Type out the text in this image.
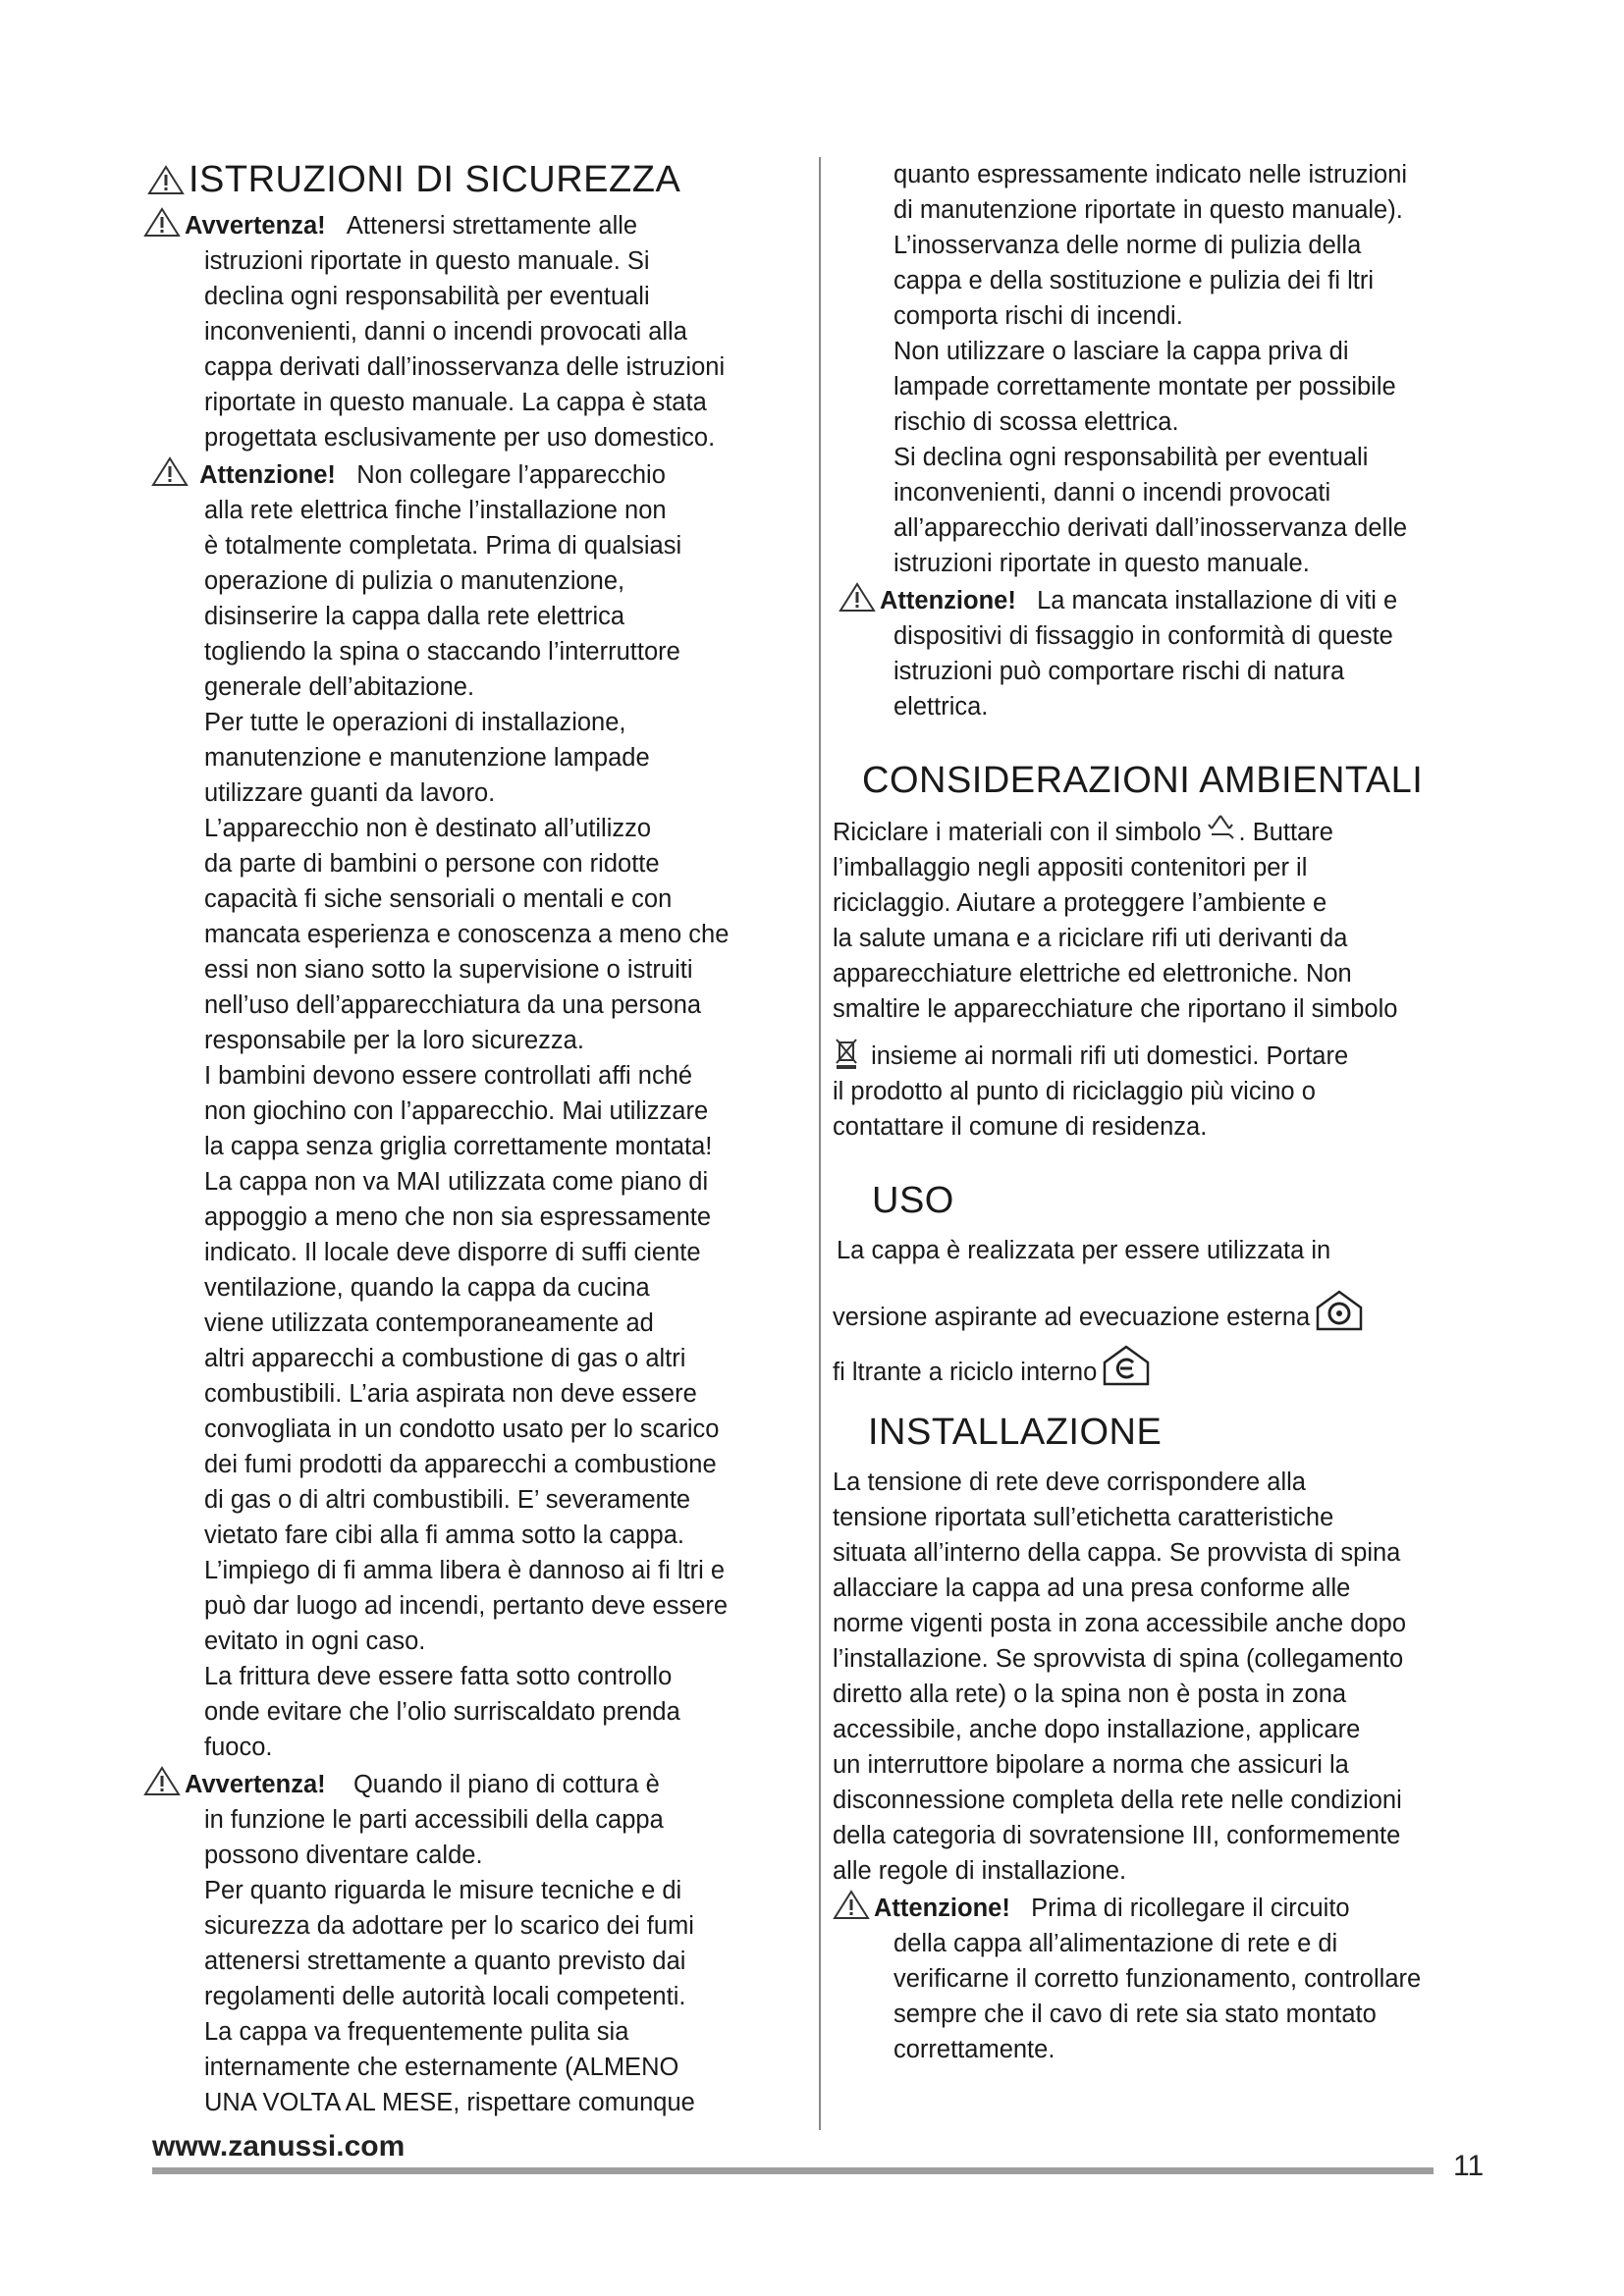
ISTRUZIONI DI SICUREZZA

Avvertenza! Attenersi strettamente alle

istruzioni riportate in questo manuale. Si

declina ogni responsabilità per eventuali

inconvenienti, danni o incendi provocati alla

cappa derivati dall’inosservanza delle istruzioni

riportate in questo manuale. La cappa è stata

progettata esclusivamente per uso domestico.

Attenzione! Non collegare l’apparecchio

alla rete elettrica finche l’installazione non

è totalmente completata. Prima di qualsiasi

operazione di pulizia o manutenzione,

disinserire la cappa dalla rete elettrica

togliendo la spina o staccando l’interruttore

generale dell’abitazione.

Per tutte le operazioni di installazione,

manutenzione e manutenzione lampade

utilizzare guanti da lavoro.

L’apparecchio non è destinato all’utilizzo

da parte di bambini o persone con ridotte

capacità fi siche sensoriali o mentali e con

mancata esperienza e conoscenza a meno che

essi non siano sotto la supervisione o istruiti

nell’uso dell’apparecchiatura da una persona

responsabile per la loro sicurezza.

I bambini devono essere controllati affi nché

non giochino con l’apparecchio. Mai utilizzare

la cappa senza griglia correttamente montata!

La cappa non va MAI utilizzata come piano di

appoggio a meno che non sia espressamente

indicato. Il locale deve disporre di suffi ciente

ventilazione, quando la cappa da cucina

viene utilizzata contemporaneamente ad

altri apparecchi a combustione di gas o altri

combustibili. L’aria aspirata non deve essere

convogliata in un condotto usato per lo scarico

dei fumi prodotti da apparecchi a combustione

di gas o di altri combustibili. E’ severamente

vietato fare cibi alla fi amma sotto la cappa.

L’impiego di fi amma libera è dannoso ai fi ltri e

può dar luogo ad incendi, pertanto deve essere

evitato in ogni caso.

La frittura deve essere fatta sotto controllo

onde evitare che l’olio surriscaldato prenda

fuoco.

Avvertenza! Quando il piano di cottura è

in funzione le parti accessibili della cappa

possono diventare calde.

Per quanto riguarda le misure tecniche e di

sicurezza da adottare per lo scarico dei fumi

attenersi strettamente a quanto previsto dai

regolamenti delle autorità locali competenti.

La cappa va frequentemente pulita sia

internamente che esternamente (ALMENO

UNA VOLTA AL MESE, rispettare comunque

quanto espressamente indicato nelle istruzioni

di manutenzione riportate in questo manuale).

L’inosservanza delle norme di pulizia della

cappa e della sostituzione e pulizia dei fi ltri

comporta rischi di incendi.

Non utilizzare o lasciare la cappa priva di

lampade correttamente montate per possibile

rischio di scossa elettrica.

Si declina ogni responsabilità per eventuali

inconvenienti, danni o incendi provocati

all’apparecchio derivati dall’inosservanza delle

istruzioni riportate in questo manuale.

Attenzione! La mancata installazione di viti e

dispositivi di fissaggio in conformità di queste

istruzioni può comportare rischi di natura

elettrica.

CONSIDERAZIONI AMBIENTALI

Riciclare i materiali con il simbolo . Buttare

l’imballaggio negli appositi contenitori per il

riciclaggio. Aiutare a proteggere l’ambiente e

la salute umana e a riciclare rifi uti derivanti da

apparecchiature elettriche ed elettroniche. Non

smaltire le apparecchiature che riportano il simbolo

insieme ai normali rifi uti domestici. Portare

il prodotto al punto di riciclaggio più vicino o

contattare il comune di residenza.

USO

La cappa è realizzata per essere utilizzata in

versione aspirante ad evecuazione esterna

fi ltrante a riciclo interno

INSTALLAZIONE

La tensione di rete deve corrispondere alla

tensione riportata sull’etichetta caratteristiche

situata all’interno della cappa. Se provvista di spina

allacciare la cappa ad una presa conforme alle

norme vigenti posta in zona accessibile anche dopo

l’installazione. Se sprovvista di spina (collegamento

diretto alla rete) o la spina non è posta in zona

accessibile, anche dopo installazione, applicare

un interruttore bipolare a norma che assicuri la

disconnessione completa della rete nelle condizioni

della categoria di sovratensione III, conformemente

alle regole di installazione.

Attenzione! Prima di ricollegare il circuito

della cappa all’alimentazione di rete e di

verificarne il corretto funzionamento, controllare

sempre che il cavo di rete sia stato montato

correttamente.

www.zanussi.com
11
